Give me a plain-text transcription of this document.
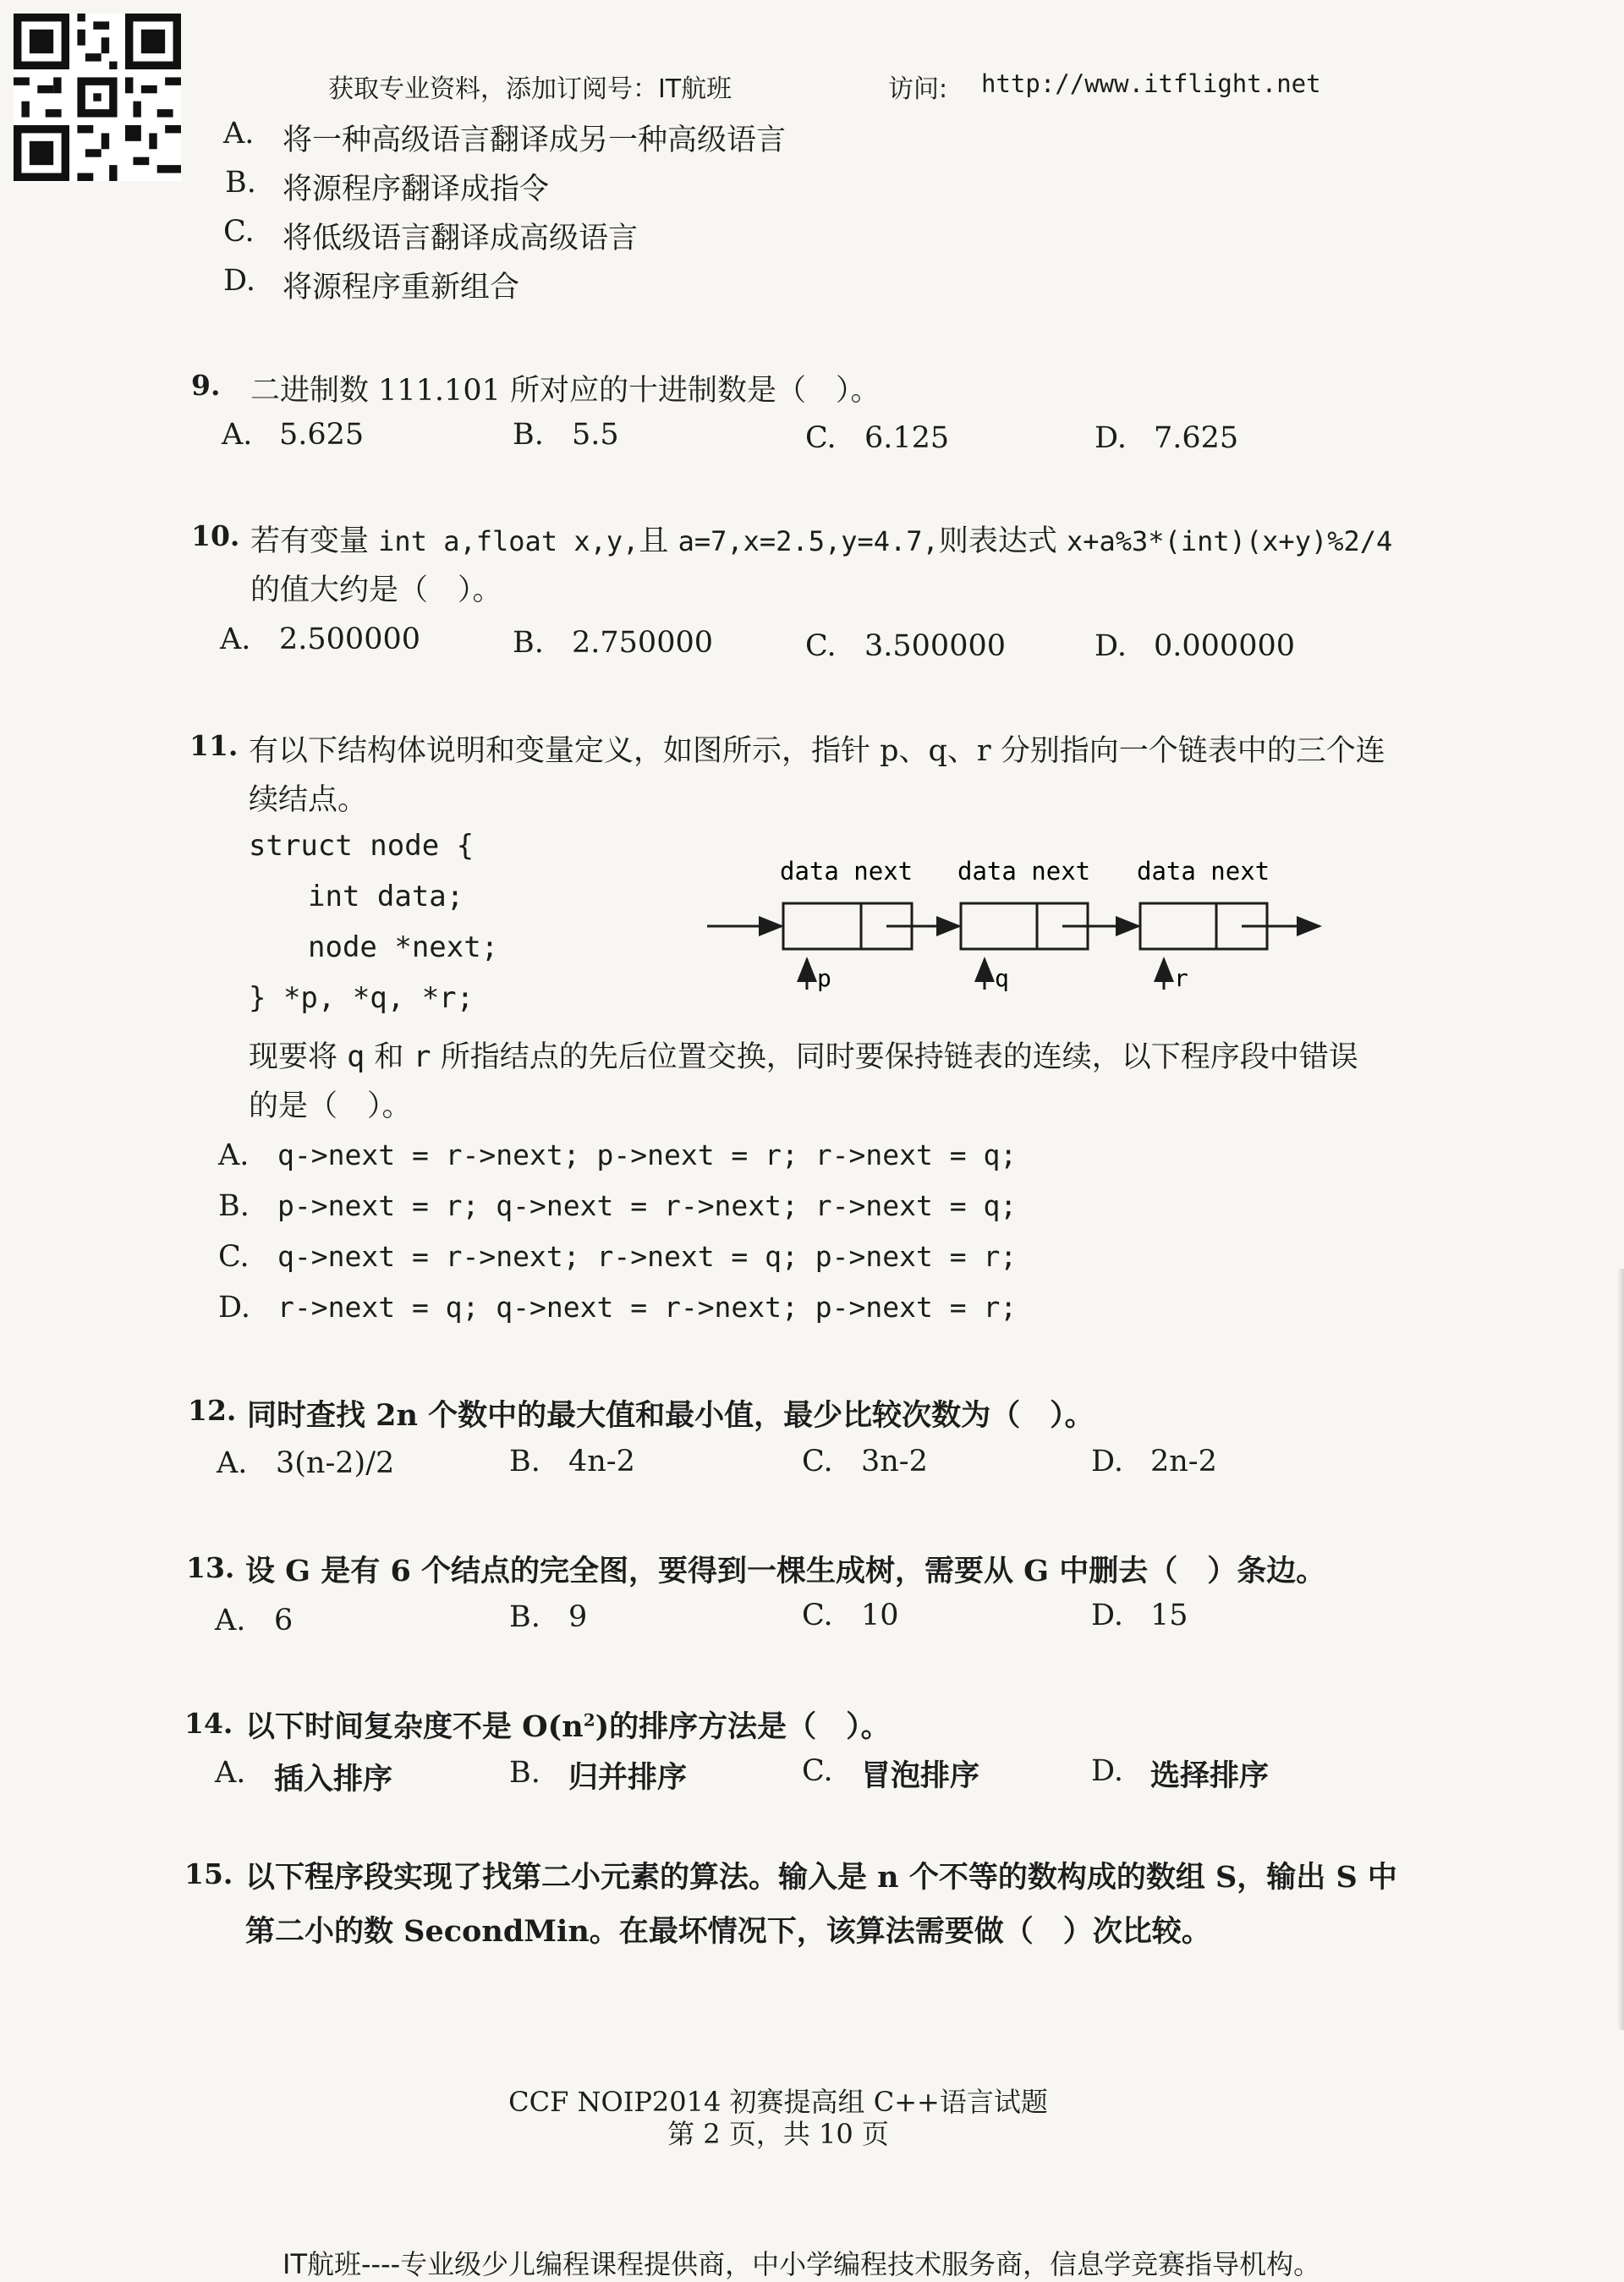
获取专业资料，添加订阅号：IT航班	访问: http://www.itflight.net
A. 将一种高级语言翻译成另一种高级语言
B. 将源程序翻译成指令
C. 将低级语言翻译成高级语言
D. 将源程序重新组合
9. 二进制数 111.101 所对应的十进制数是（　）。
A. 5.625	B. 5.5	C. 6.125	D. 7.625
10. 若有变量 int a,float x,y,且 a=7,x=2.5,y=4.7,则表达式 x+a%3*(int)(x+y)%2/4
的值大约是（　）。
A. 2.500000	B. 2.750000	C. 3.500000	D. 0.000000
11. 有以下结构体说明和变量定义，如图所示，指针 p、q、r 分别指向一个链表中的三个连
续结点。
struct node {
int data;
node *next;
} *p, *q, *r;
data next data next data next
p	q	r
现要将 q 和 r 所指结点的先后位置交换，同时要保持链表的连续，以下程序段中错误
的是（　）。
A. q->next = r->next; p->next = r; r->next = q;
B. p->next = r; q->next = r->next; r->next = q;
C. q->next = r->next; r->next = q; p->next = r;
D. r->next = q; q->next = r->next; p->next = r;
12. 同时查找 2n 个数中的最大值和最小值，最少比较次数为（　）。
A. 3(n-2)/2	B. 4n-2	C. 3n-2	D. 2n-2
13. 设 G 是有 6 个结点的完全图，要得到一棵生成树，需要从 G 中删去（　）条边。
A. 6	B. 9	C. 10	D. 15
14. 以下时间复杂度不是 $O(n^2)$的排序方法是（　）。
A. 插入排序	B. 归并排序	C. 冒泡排序	D. 选择排序
15. 以下程序段实现了找第二小元素的算法。输入是 n 个不等的数构成的数组 S，输出 S 中
第二小的数 SecondMin。在最坏情况下，该算法需要做（　）次比较。
CCF NOIP2014 初赛提高组 C++语言试题
第 2 页，共 10 页
IT航班----专业级少儿编程课程提供商，中小学编程技术服务商，信息学竞赛指导机构。
